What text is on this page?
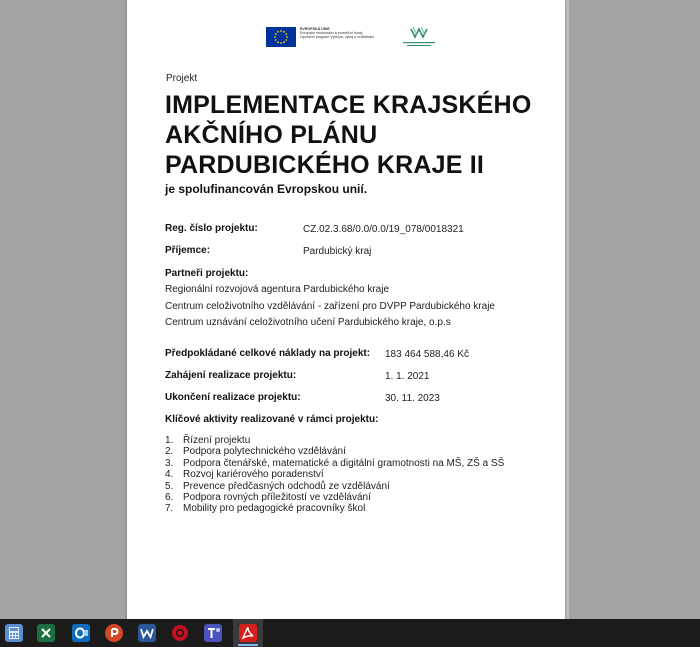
EVROPSKÁ UNIE
Evropské strukturální a investiční fondy
Operační program Výzkum, vývoj a vzdělávání
Projekt
IMPLEMENTACE KRAJSKÉHO
AKČNÍHO PLÁNU
PARDUBICKÉHO KRAJE II
je spolufinancován Evropskou unií.
Reg. číslo projektu:	CZ.02.3.68/0.0/0.0/19_078/0018321
Příjemce:	Pardubický kraj
Partneři projektu:
Regionální rozvojová agentura Pardubického kraje
Centrum celoživotního vzdělávání - zařízení pro DVPP Pardubického kraje
Centrum uznávání celoživotního učení Pardubického kraje, o.p.s
Předpokládané celkové náklady na projekt: 183 464 588,46 Kč
Zahájení realizace projektu:	1. 1. 2021
Ukončení realizace projektu:	30. 11. 2023
Klíčové aktivity realizované v rámci projektu:
1. Řízení projektu
2. Podpora polytechnického vzdělávání
3. Podpora čtenářské, matematické a digitální gramotnosti na MŠ, ZŠ a SŠ
4. Rozvoj kariérového poradenství
5. Prevence předčasných odchodů ze vzdělávání
6. Podpora rovných příležitostí ve vzdělávání
7. Mobility pro pedagogické pracovníky škol
